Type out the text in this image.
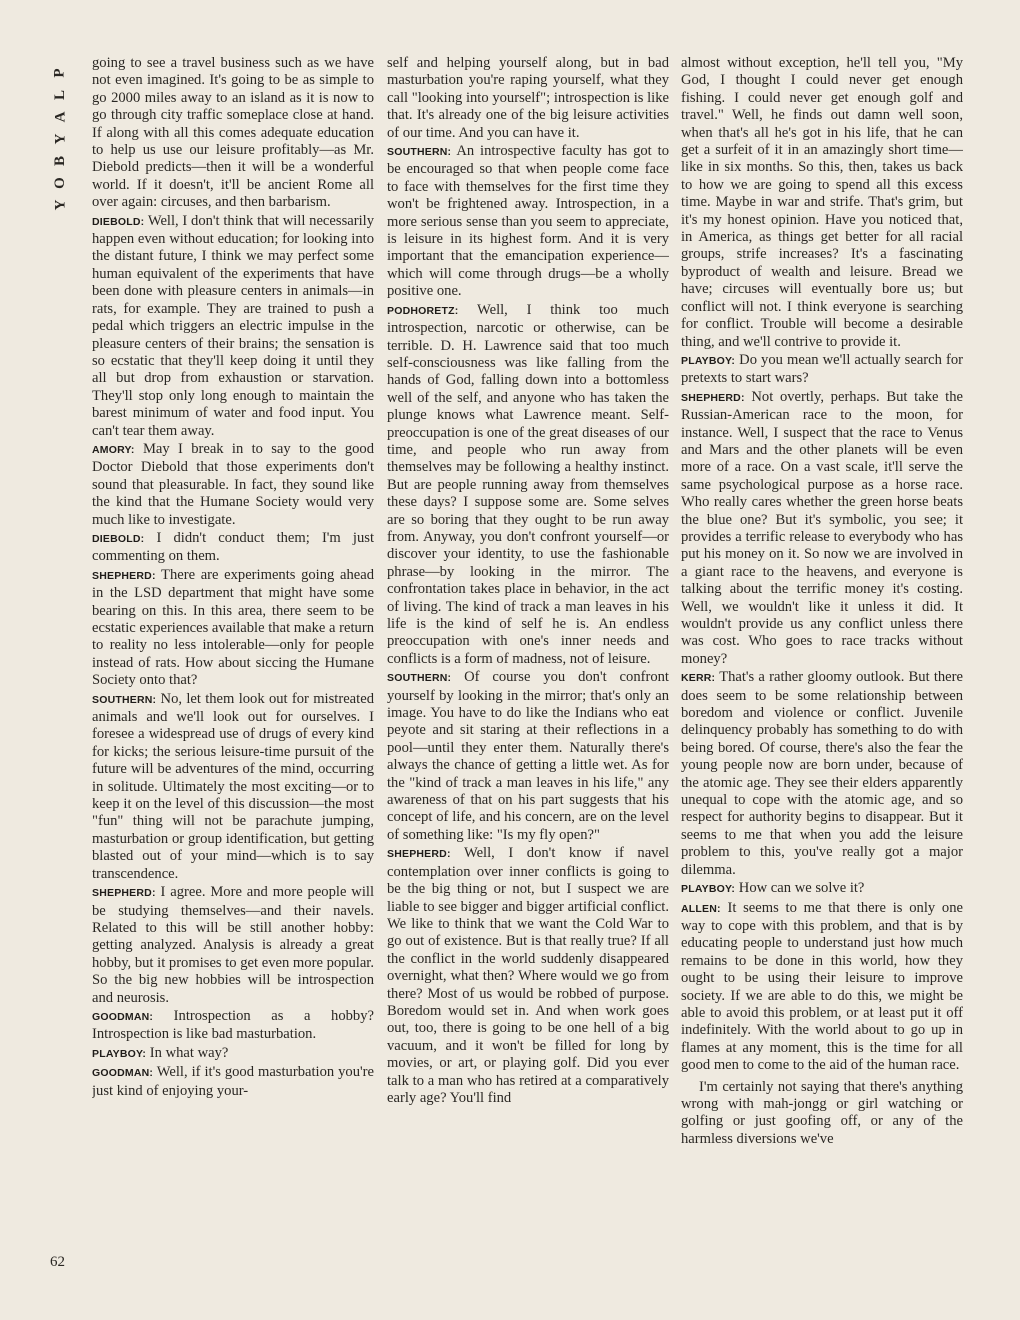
P
L
A
Y
B
O
Y
62

going to see a travel business such as we have not even imagined. It's going to be as simple to go 2000 miles away to an island as it is now to go through city traffic someplace close at hand. If along with all this comes adequate education to help us use our leisure profitably—as Mr. Diebold predicts—then it will be a wonderful world. If it doesn't, it'll be ancient Rome all over again: circuses, and then barbarism.

DIEBOLD: Well, I don't think that will necessarily happen even without education; for looking into the distant future, I think we may perfect some human equivalent of the experiments that have been done with pleasure centers in animals—in rats, for example. They are trained to push a pedal which triggers an electric impulse in the pleasure centers of their brains; the sensation is so ecstatic that they'll keep doing it until they all but drop from exhaustion or starvation. They'll stop only long enough to maintain the barest minimum of water and food input. You can't tear them away.

AMORY: May I break in to say to the good Doctor Diebold that those experiments don't sound that pleasurable. In fact, they sound like the kind that the Humane Society would very much like to investigate.

DIEBOLD: I didn't conduct them; I'm just commenting on them.

SHEPHERD: There are experiments going ahead in the LSD department that might have some bearing on this. In this area, there seem to be ecstatic experiences available that make a return to reality no less intolerable—only for people instead of rats. How about siccing the Humane Society onto that?

SOUTHERN: No, let them look out for mistreated animals and we'll look out for ourselves. I foresee a widespread use of drugs of every kind for kicks; the serious leisure-time pursuit of the future will be adventures of the mind, occurring in solitude. Ultimately the most exciting—or to keep it on the level of this discussion—the most "fun" thing will not be parachute jumping, masturbation or group identification, but getting blasted out of your mind—which is to say transcendence.

SHEPHERD: I agree. More and more people will be studying themselves—and their navels. Related to this will be still another hobby: getting analyzed. Analysis is already a great hobby, but it promises to get even more popular. So the big new hobbies will be introspection and neurosis.

GOODMAN: Introspection as a hobby? Introspection is like bad masturbation.

PLAYBOY: In what way?

GOODMAN: Well, if it's good masturbation you're just kind of enjoying your-

self and helping yourself along, but in bad masturbation you're raping yourself, what they call "looking into yourself"; introspection is like that. It's already one of the big leisure activities of our time. And you can have it.

SOUTHERN: An introspective faculty has got to be encouraged so that when people come face to face with themselves for the first time they won't be frightened away. Introspection, in a more serious sense than you seem to appreciate, is leisure in its highest form. And it is very important that the emancipation experience—which will come through drugs—be a wholly positive one.

PODHORETZ: Well, I think too much introspection, narcotic or otherwise, can be terrible. D. H. Lawrence said that too much self-consciousness was like falling from the hands of God, falling down into a bottomless well of the self, and anyone who has taken the plunge knows what Lawrence meant. Self-preoccupation is one of the great diseases of our time, and people who run away from themselves may be following a healthy instinct. But are people running away from themselves these days? I suppose some are. Some selves are so boring that they ought to be run away from. Anyway, you don't confront yourself—or discover your identity, to use the fashionable phrase—by looking in the mirror. The confrontation takes place in behavior, in the act of living. The kind of track a man leaves in his life is the kind of self he is. An endless preoccupation with one's inner needs and conflicts is a form of madness, not of leisure.

SOUTHERN: Of course you don't confront yourself by looking in the mirror; that's only an image. You have to do like the Indians who eat peyote and sit staring at their reflections in a pool—until they enter them. Naturally there's always the chance of getting a little wet. As for the "kind of track a man leaves in his life," any awareness of that on his part suggests that his concept of life, and his concern, are on the level of something like: "Is my fly open?"

SHEPHERD: Well, I don't know if navel contemplation over inner conflicts is going to be the big thing or not, but I suspect we are liable to see bigger and bigger artificial conflict. We like to think that we want the Cold War to go out of existence. But is that really true? If all the conflict in the world suddenly disappeared overnight, what then? Where would we go from there? Most of us would be robbed of purpose. Boredom would set in. And when work goes out, too, there is going to be one hell of a big vacuum, and it won't be filled for long by movies, or art, or playing golf. Did you ever talk to a man who has retired at a comparatively early age? You'll find

almost without exception, he'll tell you, "My God, I thought I could never get enough fishing. I could never get enough golf and travel." Well, he finds out damn well soon, when that's all he's got in his life, that he can get a surfeit of it in an amazingly short time—like in six months. So this, then, takes us back to how we are going to spend all this excess time. Maybe in war and strife. That's grim, but it's my honest opinion. Have you noticed that, in America, as things get better for all racial groups, strife increases? It's a fascinating byproduct of wealth and leisure. Bread we have; circuses will eventually bore us; but conflict will not. I think everyone is searching for conflict. Trouble will become a desirable thing, and we'll contrive to provide it.

PLAYBOY: Do you mean we'll actually search for pretexts to start wars?

SHEPHERD: Not overtly, perhaps. But take the Russian-American race to the moon, for instance. Well, I suspect that the race to Venus and Mars and the other planets will be even more of a race. On a vast scale, it'll serve the same psychological purpose as a horse race. Who really cares whether the green horse beats the blue one? But it's symbolic, you see; it provides a terrific release to everybody who has put his money on it. So now we are involved in a giant race to the heavens, and everyone is talking about the terrific money it's costing. Well, we wouldn't like it unless it did. It wouldn't provide us any conflict unless there was cost. Who goes to race tracks without money?

KERR: That's a rather gloomy outlook. But there does seem to be some relationship between boredom and violence or conflict. Juvenile delinquency probably has something to do with being bored. Of course, there's also the fear the young people now are born under, because of the atomic age. They see their elders apparently unequal to cope with the atomic age, and so respect for authority begins to disappear. But it seems to me that when you add the leisure problem to this, you've really got a major dilemma.

PLAYBOY: How can we solve it?

ALLEN: It seems to me that there is only one way to cope with this problem, and that is by educating people to understand just how much remains to be done in this world, how they ought to be using their leisure to improve society. If we are able to do this, we might be able to avoid this problem, or at least put it off indefinitely. With the world about to go up in flames at any moment, this is the time for all good men to come to the aid of the human race.

I'm certainly not saying that there's anything wrong with mah-jongg or girl watching or golfing or just goofing off, or any of the harmless diversions we've
